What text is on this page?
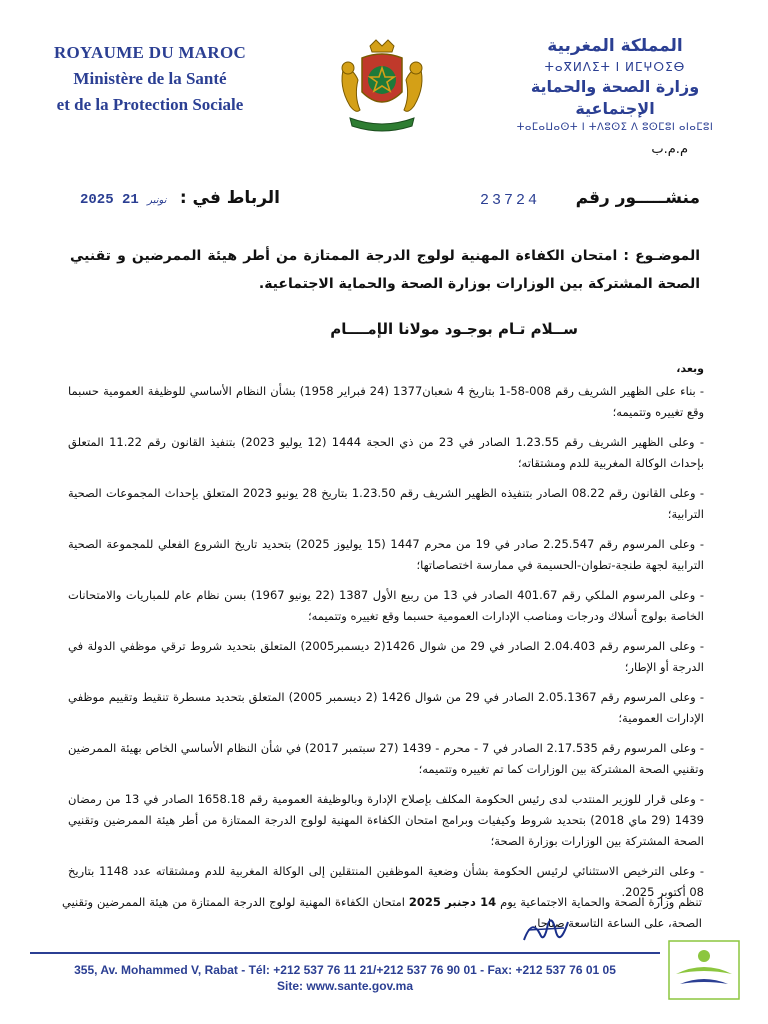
ROYAUME DU MAROC
Ministère de la Santé
et de la Protection Sociale
المملكة المغربية
ⵜⴰⴳⵍⴷⵉⵜ ⵏ ⵍⵎⵖⵔⵉⴱ
وزارة الصحة والحماية الإجتماعية
ⵜⴰⵎⴰⵡⴰⵙⵜ ⵏ ⵜⴷⵓⵙⵉ ⴷ ⵓⵙⵎⵓⵏ ⴰⵏⴰⵎⵓⵏ
م.م.ب
منشـــــور رقم
23724
الرباط في :
2025	نونبر 21
الموضـوع : امتحان الكفاءة المهنية لولوج الدرجة الممتازة من أطر هيئة الممرضين و تقنيي الصحة المشتركة بين الوزارات بوزارة الصحة والحماية الاجتماعية.
ســلام تـام بوجـود مولانا الإمــــام
وبعد،

- بناء على الظهير الشريف رقم 008-58-1 بتاريخ 4 شعبان1377 (24 فبراير 1958) بشأن النظام الأساسي للوظيفة العمومية حسبما وقع تغييره وتتميمه؛

- وعلى الظهير الشريف رقم 1.23.55 الصادر في 23 من ذي الحجة 1444 (12 يوليو 2023) بتنفيذ القانون رقم 11.22 المتعلق بإحداث الوكالة المغربية للدم ومشتقاته؛

- وعلى القانون رقم 08.22 الصادر بتنفيذه الظهير الشريف رقم 1.23.50 بتاريخ 28 يونيو 2023 المتعلق بإحداث المجموعات الصحية الترابية؛

- وعلى المرسوم رقم 2.25.547 صادر في 19 من محرم 1447 (15 يوليوز 2025) بتحديد تاريخ الشروع الفعلي للمجموعة الصحية الترابية لجهة طنجة-تطوان-الحسيمة في ممارسة اختصاصاتها؛

- وعلى المرسوم الملكي رقم 401.67 الصادر في 13 من ربيع الأول 1387 (22 يونيو 1967) بسن نظام عام للمباريات والامتحانات الخاصة بولوج أسلاك ودرجات ومناصب الإدارات العمومية حسبما وقع تغييره وتتميمه؛

- وعلى المرسوم رقم 2.04.403 الصادر في 29 من شوال 1426(2 ديسمبر2005) المتعلق بتحديد شروط ترقي موظفي الدولة في الدرجة أو الإطار؛

- وعلى المرسوم رقم 2.05.1367 الصادر في 29 من شوال 1426 (2 ديسمبر 2005) المتعلق بتحديد مسطرة تنقيط وتقييم موظفي الإدارات العمومية؛

- وعلى المرسوم رقم 2.17.535 الصادر في 7 - محرم - 1439 (27 سبتمبر 2017) في شأن النظام الأساسي الخاص بهيئة الممرضين وتقنيي الصحة المشتركة بين الوزارات كما تم تغييره وتتميمه؛

- وعلى قرار للوزير المنتدب لدى رئيس الحكومة المكلف بإصلاح الإدارة وبالوظيفة العمومية رقم 1658.18 الصادر في 13 من رمضان 1439 (29 ماي 2018) بتحديد شروط وكيفيات وبرامج امتحان الكفاءة المهنية لولوج الدرجة الممتازة من أطر هيئة الممرضين وتقنيي الصحة المشتركة بين الوزارات بوزارة الصحة؛

- وعلى الترخيص الاستثنائي لرئيس الحكومة بشأن وضعية الموظفين المنتقلين إلى الوكالة المغربية للدم ومشتقاته عدد 1148 بتاريخ 08 أكتوبر 2025.

تنظم وزارة الصحة والحماية الاجتماعية يوم 14 دجنبر 2025 امتحان الكفاءة المهنية لولوج الدرجة الممتازة من هيئة الممرضين وتقنيي الصحة، على الساعة التاسعة صباحا.
355, Av. Mohammed V, Rabat - Tél: +212 537 76 11 21/+212 537 76 90 01 - Fax: +212 537 76 01 05
Site: www.sante.gov.ma
